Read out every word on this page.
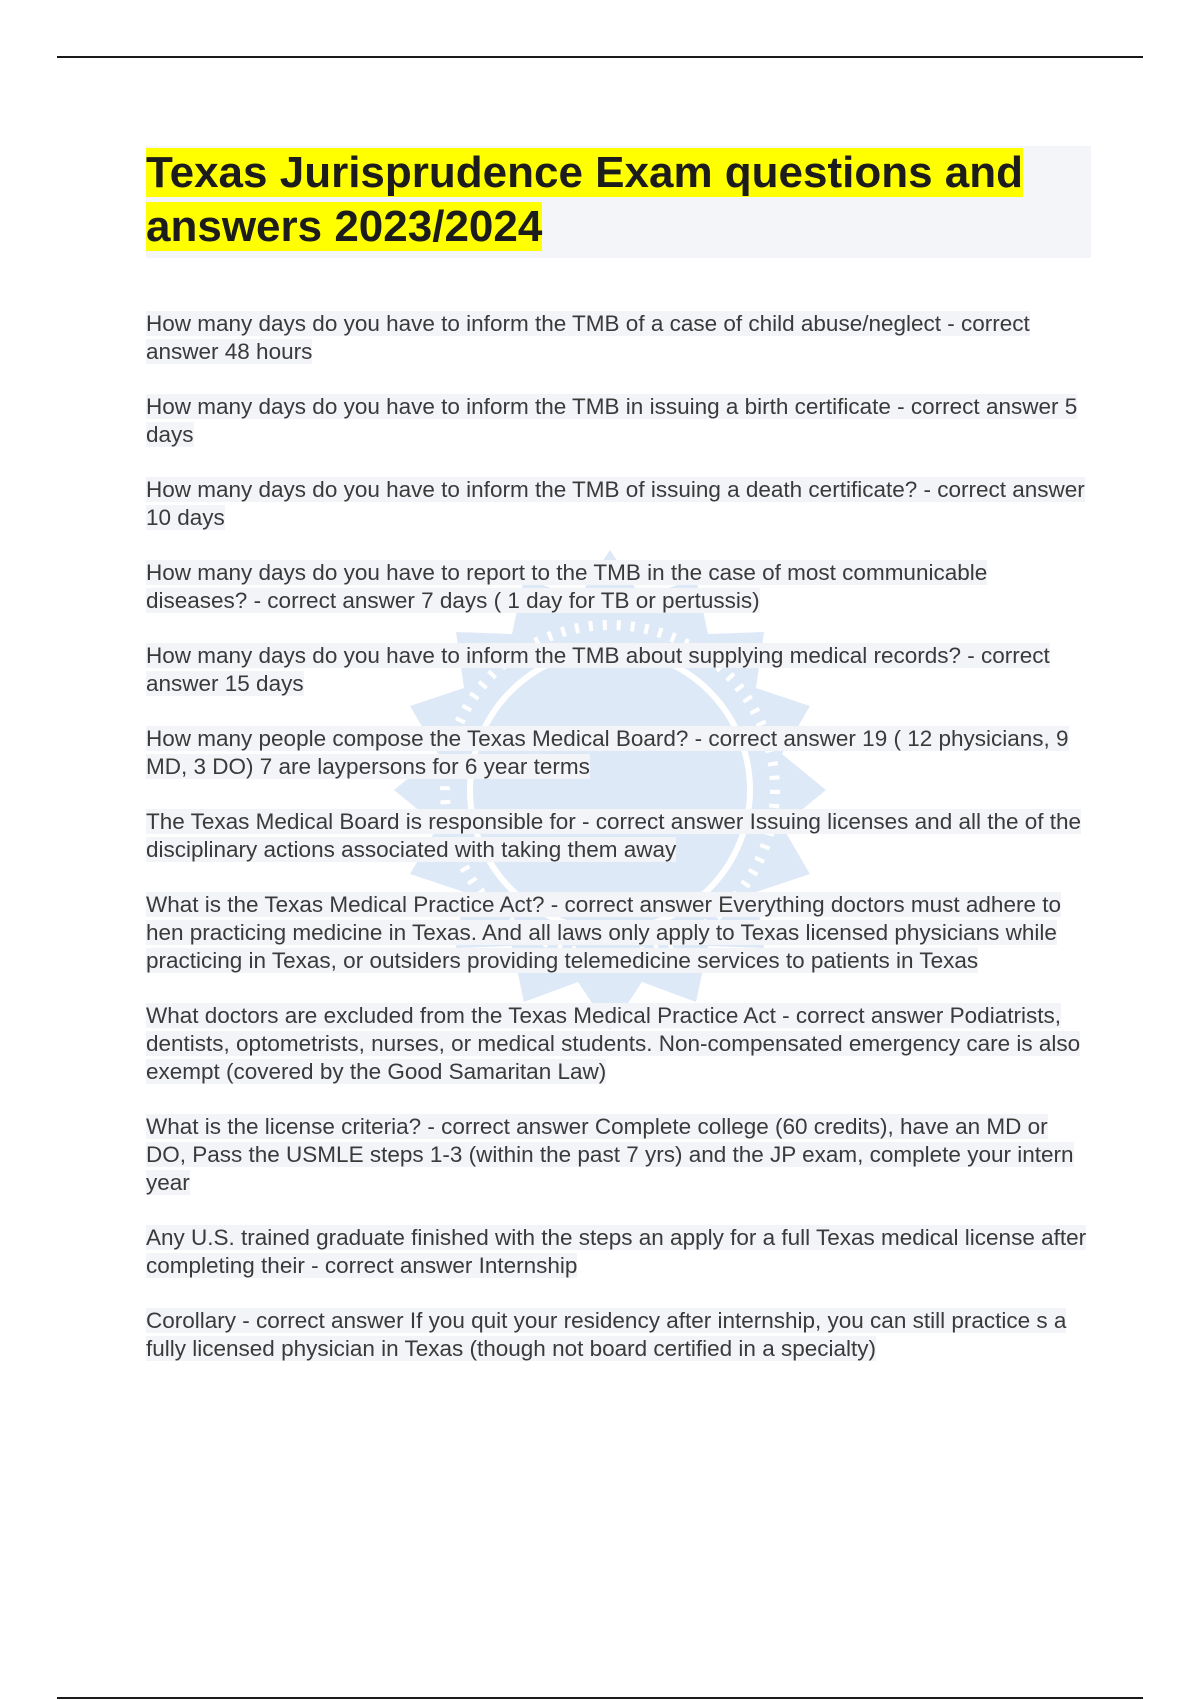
Texas Jurisprudence Exam questions and answers 2023/2024

How many days do you have to inform the TMB of a case of child abuse/neglect - correct answer 48 hours

How many days do you have to inform the TMB in issuing a birth certificate - correct answer 5 days

How many days do you have to inform the TMB of issuing a death certificate? - correct answer 10 days

How many days do you have to report to the TMB in the case of most communicable diseases? - correct answer 7 days ( 1 day for TB or pertussis)

How many days do you have to inform the TMB about supplying medical records? - correct answer 15 days

How many people compose the Texas Medical Board? - correct answer 19 ( 12 physicians, 9 MD, 3 DO) 7 are laypersons for 6 year terms

The Texas Medical Board is responsible for - correct answer Issuing licenses and all the of the disciplinary actions associated with taking them away

What is the Texas Medical Practice Act? - correct answer Everything doctors must adhere to hen practicing medicine in Texas. And all laws only apply to Texas licensed physicians while practicing in Texas, or outsiders providing telemedicine services to patients in Texas

What doctors are excluded from the Texas Medical Practice Act - correct answer Podiatrists, dentists, optometrists, nurses, or medical students. Non-compensated emergency care is also exempt (covered by the Good Samaritan Law)

What is the license criteria? - correct answer Complete college (60 credits), have an MD or DO, Pass the USMLE steps 1-3 (within the past 7 yrs) and the JP exam, complete your intern year

Any U.S. trained graduate finished with the steps an apply for a full Texas medical license after completing their - correct answer Internship

Corollary - correct answer If you quit your residency after internship, you can still practice s a fully licensed physician in Texas (though not board certified in a specialty)
